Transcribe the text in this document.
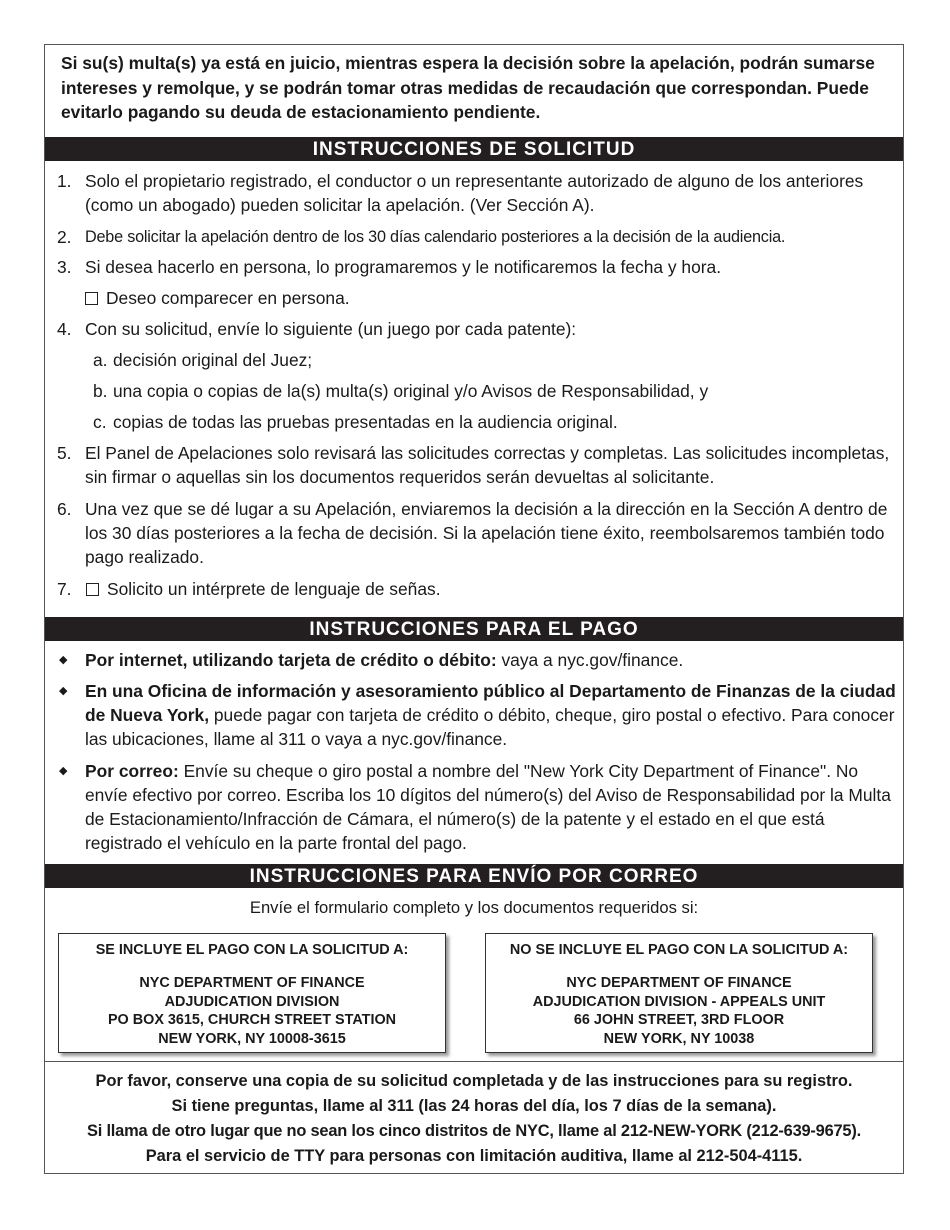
Si su(s) multa(s) ya está en juicio, mientras espera la decisión sobre la apelación, podrán sumarse intereses y remolque, y se podrán tomar otras medidas de recaudación que correspondan. Puede evitarlo pagando su deuda de estacionamiento pendiente.
INSTRUCCIONES DE SOLICITUD
1. Solo el propietario registrado, el conductor o un representante autorizado de alguno de los anteriores (como un abogado) pueden solicitar la apelación. (Ver Sección A).
2. Debe solicitar la apelación dentro de los 30 días calendario posteriores a la decisión de la audiencia.
3. Si desea hacerlo en persona, lo programaremos y le notificaremos la fecha y hora.
Deseo comparecer en persona.
4. Con su solicitud, envíe lo siguiente (un juego por cada patente):
a. decisión original del Juez;
b. una copia o copias de la(s) multa(s) original y/o Avisos de Responsabilidad, y
c. copias de todas las pruebas presentadas en la audiencia original.
5. El Panel de Apelaciones solo revisará las solicitudes correctas y completas. Las solicitudes incompletas, sin firmar o aquellas sin los documentos requeridos serán devueltas al solicitante.
6. Una vez que se dé lugar a su Apelación, enviaremos la decisión a la dirección en la Sección A dentro de los 30 días posteriores a la fecha de decisión. Si la apelación tiene éxito, reembolsaremos también todo pago realizado.
7.	Solicito un intérprete de lenguaje de señas.
INSTRUCCIONES PARA EL PAGO
◆ Por internet, utilizando tarjeta de crédito o débito: vaya a nyc.gov/finance.
◆ En una Oficina de información y asesoramiento público al Departamento de Finanzas de la ciudad de Nueva York, puede pagar con tarjeta de crédito o débito, cheque, giro postal o efectivo. Para conocer las ubicaciones, llame al 311 o vaya a nyc.gov/finance.
◆ Por correo: Envíe su cheque o giro postal a nombre del "New York City Department of Finance". No envíe efectivo por correo. Escriba los 10 dígitos del número(s) del Aviso de Responsabilidad por la Multa de Estacionamiento/Infracción de Cámara, el número(s) de la patente y el estado en el que está registrado el vehículo en la parte frontal del pago.
INSTRUCCIONES PARA ENVÍO POR CORREO
Envíe el formulario completo y los documentos requeridos si:
SE INCLUYE EL PAGO CON LA SOLICITUD A:
NYC DEPARTMENT OF FINANCE
ADJUDICATION DIVISION
PO BOX 3615, CHURCH STREET STATION
NEW YORK, NY 10008-3615
NO SE INCLUYE EL PAGO CON LA SOLICITUD A:
NYC DEPARTMENT OF FINANCE
ADJUDICATION DIVISION - APPEALS UNIT
66 JOHN STREET, 3RD FLOOR
NEW YORK, NY 10038
Por favor, conserve una copia de su solicitud completada y de las instrucciones para su registro.
Si tiene preguntas, llame al 311 (las 24 horas del día, los 7 días de la semana).
Si llama de otro lugar que no sean los cinco distritos de NYC, llame al 212-NEW-YORK (212-639-9675).
Para el servicio de TTY para personas con limitación auditiva, llame al 212-504-4115.
